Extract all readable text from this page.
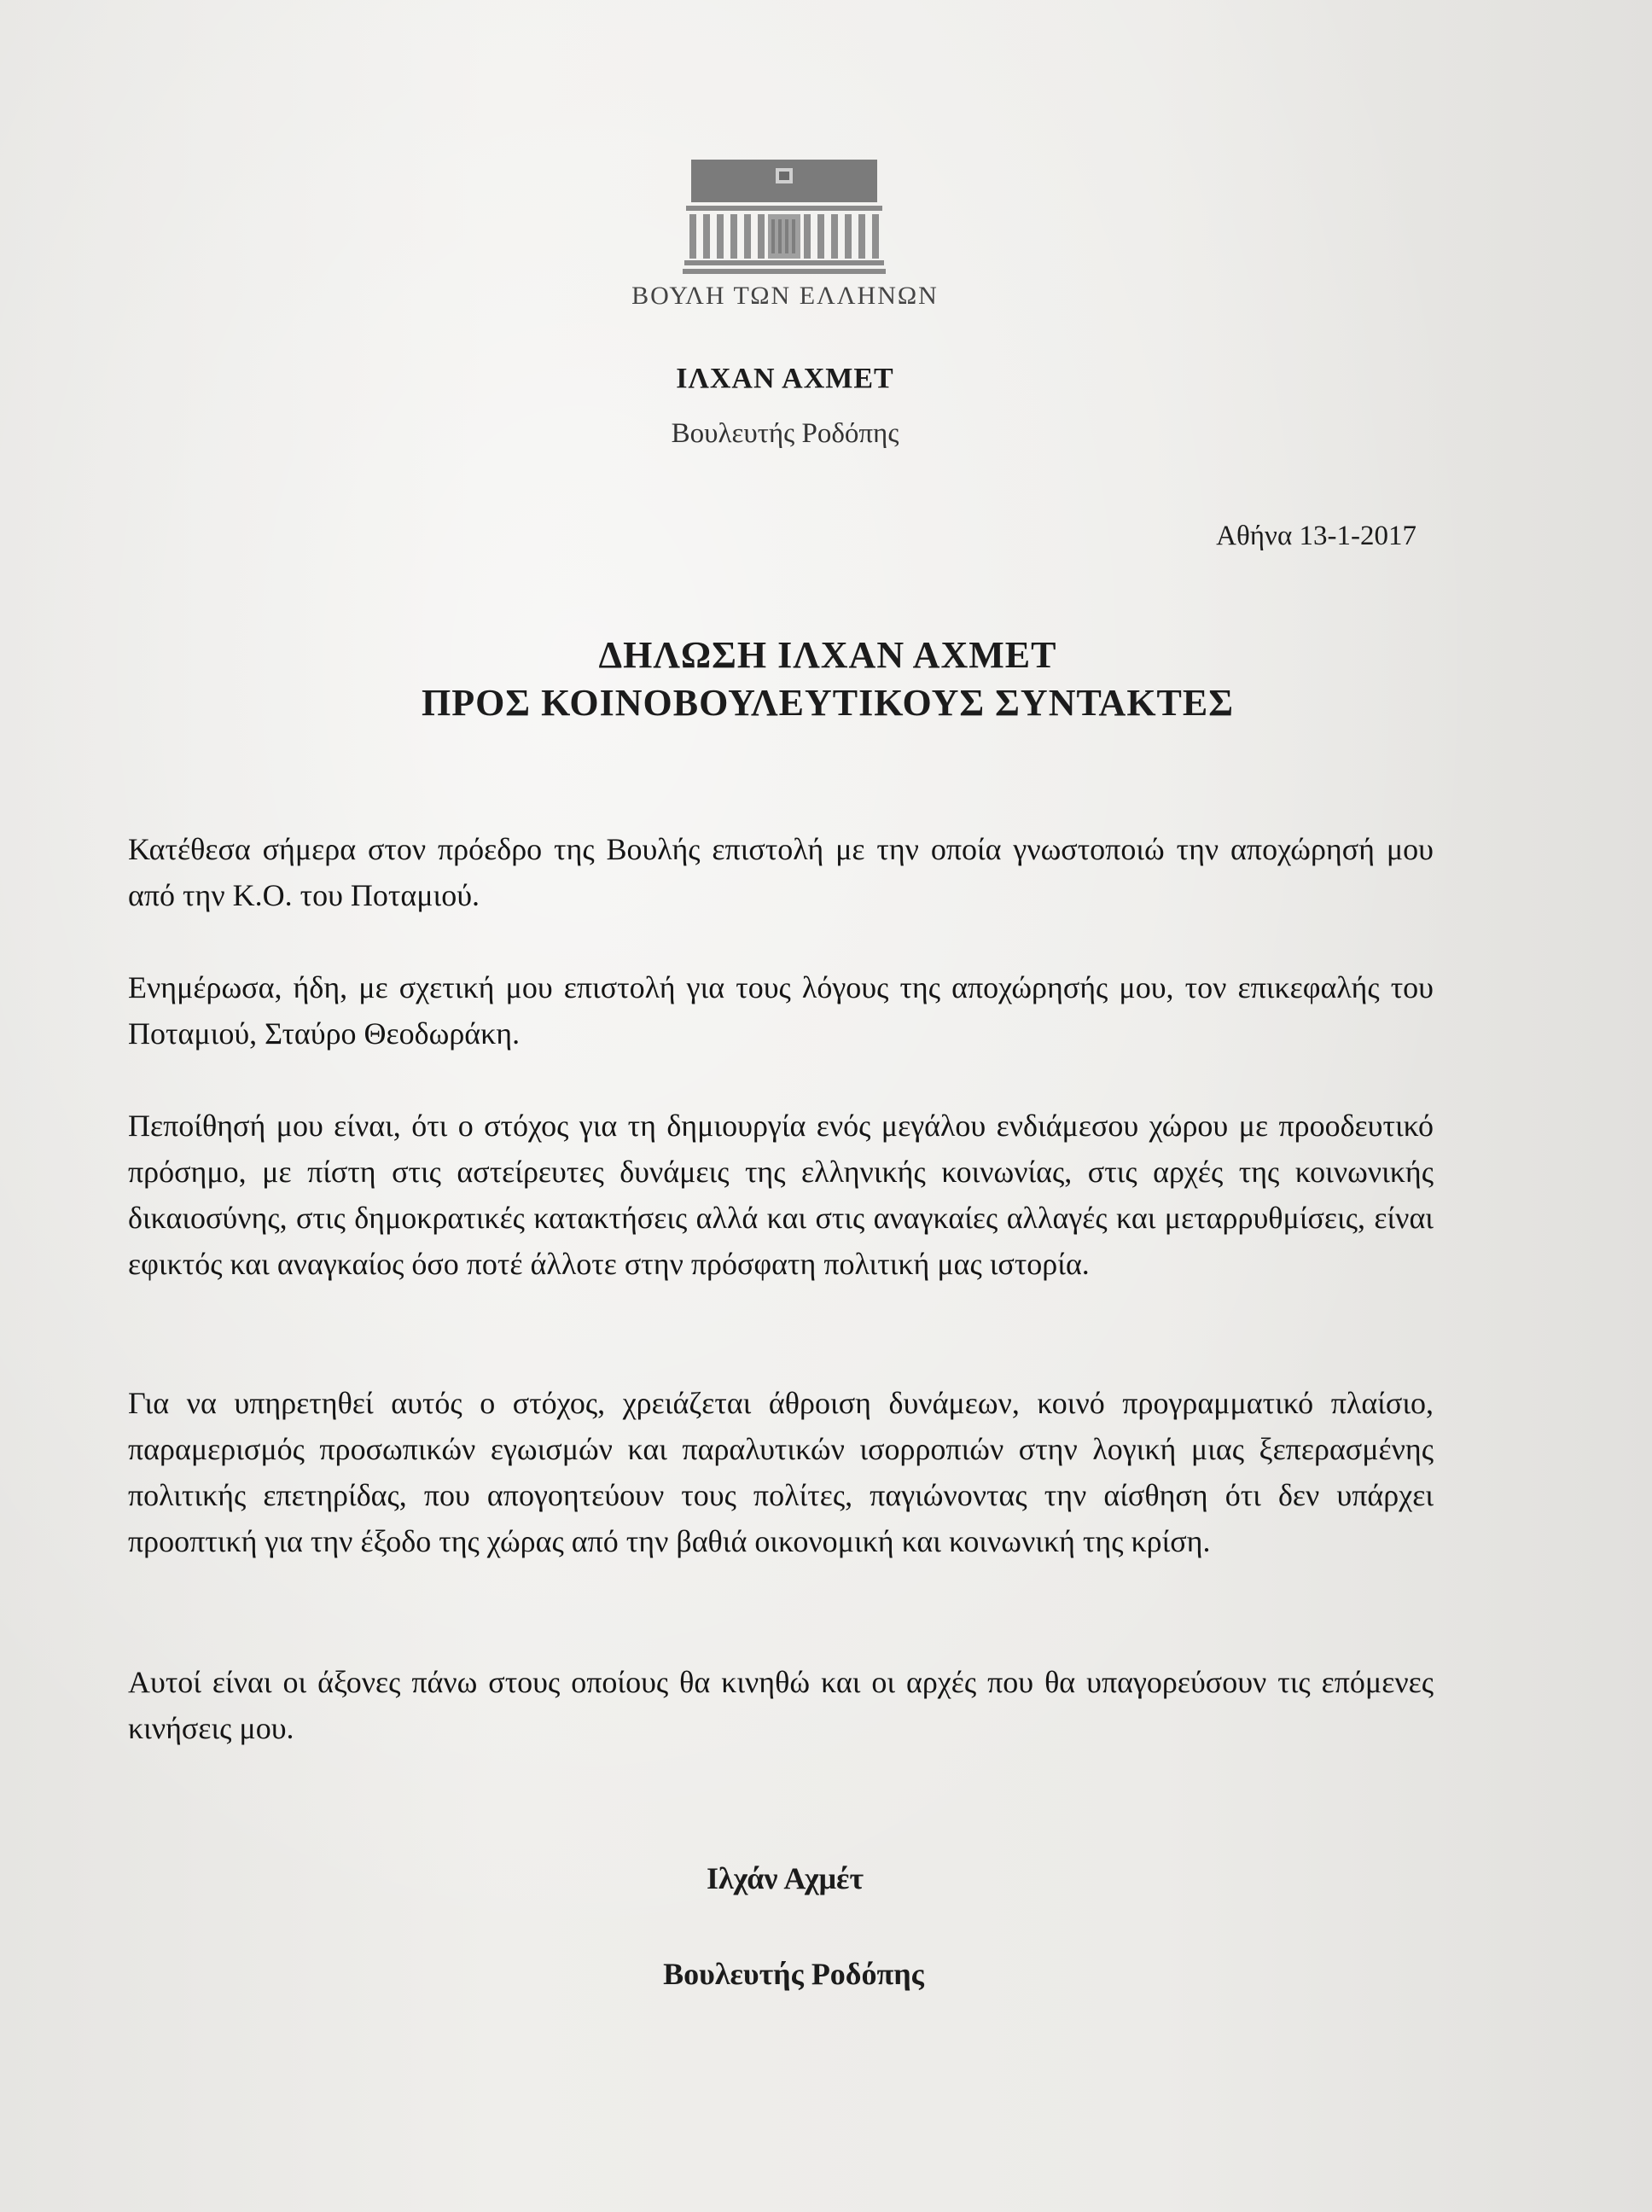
ΒΟΥΛΗ ΤΩΝ ΕΛΛΗΝΩΝ

ΙΛΧΑΝ ΑΧΜΕΤ

Βουλευτής Ροδόπης

Αθήνα 13-1-2017

ΔΗΛΩΣΗ ΙΛΧΑΝ ΑΧΜΕΤ
ΠΡΟΣ ΚΟΙΝΟΒΟΥΛΕΥΤΙΚΟΥΣ ΣΥΝΤΑΚΤΕΣ

Κατέθεσα σήμερα στον πρόεδρο της Βουλής επιστολή με την οποία γνωστοποιώ την αποχώρησή μου από την Κ.Ο. του Ποταμιού.

Ενημέρωσα, ήδη, με σχετική μου επιστολή για τους λόγους της αποχώρησής μου, τον επικεφαλής του Ποταμιού, Σταύρο Θεοδωράκη.

Πεποίθησή μου είναι, ότι ο στόχος για τη δημιουργία ενός μεγάλου ενδιάμεσου χώρου με προοδευτικό πρόσημο, με πίστη στις αστείρευτες δυνάμεις της ελληνικής κοινωνίας, στις αρχές της κοινωνικής δικαιοσύνης, στις δημοκρατικές κατακτήσεις αλλά και στις αναγκαίες αλλαγές και μεταρρυθμίσεις, είναι εφικτός και αναγκαίος όσο ποτέ άλλοτε στην πρόσφατη πολιτική μας ιστορία.

Για να υπηρετηθεί αυτός ο στόχος, χρειάζεται άθροιση δυνάμεων, κοινό προγραμματικό πλαίσιο, παραμερισμός προσωπικών εγωισμών και παραλυτικών ισορροπιών στην λογική μιας ξεπερασμένης πολιτικής επετηρίδας, που απογοητεύουν τους πολίτες, παγιώνοντας την αίσθηση ότι δεν υπάρχει προοπτική για την έξοδο της χώρας από την βαθιά οικονομική και κοινωνική της κρίση.

Αυτοί είναι οι άξονες πάνω στους οποίους θα κινηθώ και οι αρχές που θα υπαγορεύσουν τις επόμενες κινήσεις μου.

Ιλχάν Αχμέτ

Βουλευτής Ροδόπης
